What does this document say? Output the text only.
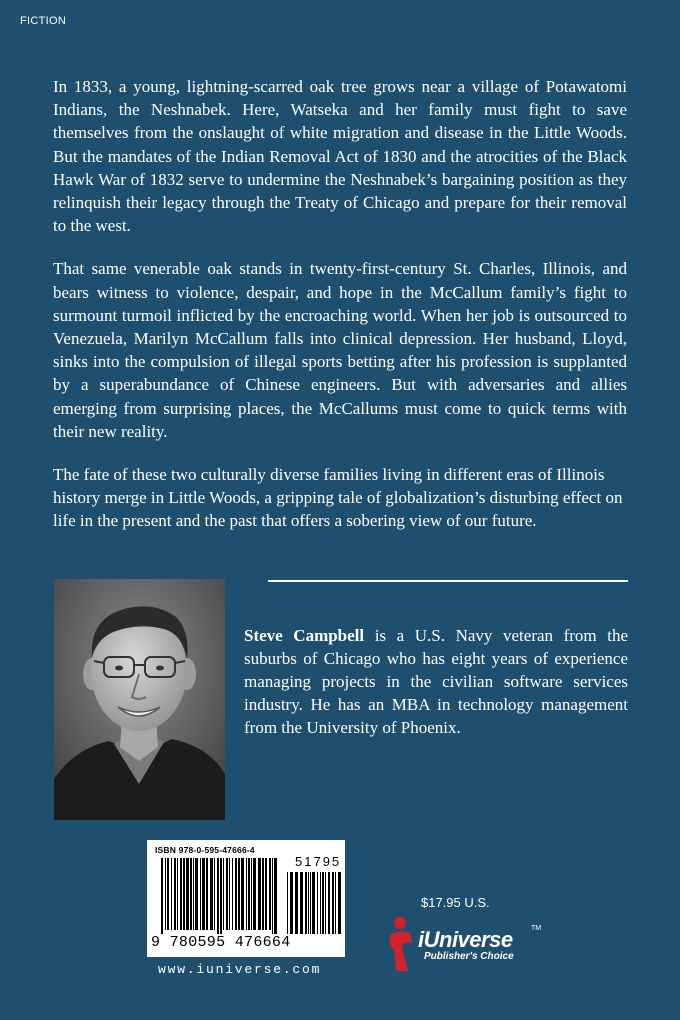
FICTION

In 1833, a young, lightning-scarred oak tree grows near a village of Potawatomi Indians, the Neshnabek. Here, Watseka and her family must fight to save themselves from the onslaught of white migration and disease in the Little Woods. But the mandates of the Indian Removal Act of 1830 and the atrocities of the Black Hawk War of 1832 serve to undermine the Neshnabek’s bargaining position as they relinquish their legacy through the Treaty of Chicago and prepare for their removal to the west.

That same venerable oak stands in twenty-first-century St. Charles, Illinois, and bears witness to violence, despair, and hope in the McCallum family’s fight to surmount turmoil inflicted by the encroaching world. When her job is outsourced to Venezuela, Marilyn McCallum falls into clinical depression. Her husband, Lloyd, sinks into the compulsion of illegal sports betting after his profession is supplanted by a superabundance of Chinese engineers. But with adversaries and allies emerging from surprising places, the McCallums must come to quick terms with their new reality.

The fate of these two culturally diverse families living in different eras of Illinois history merge in Little Woods, a gripping tale of globalization’s disturbing effect on life in the present and the past that offers a sobering view of our future.

Steve Campbell is a U.S. Navy veteran from the suburbs of Chicago who has eight years of experience managing projects in the civilian software services industry. He has an MBA in technology management from the University of Phoenix.
ISBN 978-0-595-47666-4
51795
9 780595 476664
www.iuniverse.com
$17.95 U.S.
iUniverse	TM
Publisher's Choice
